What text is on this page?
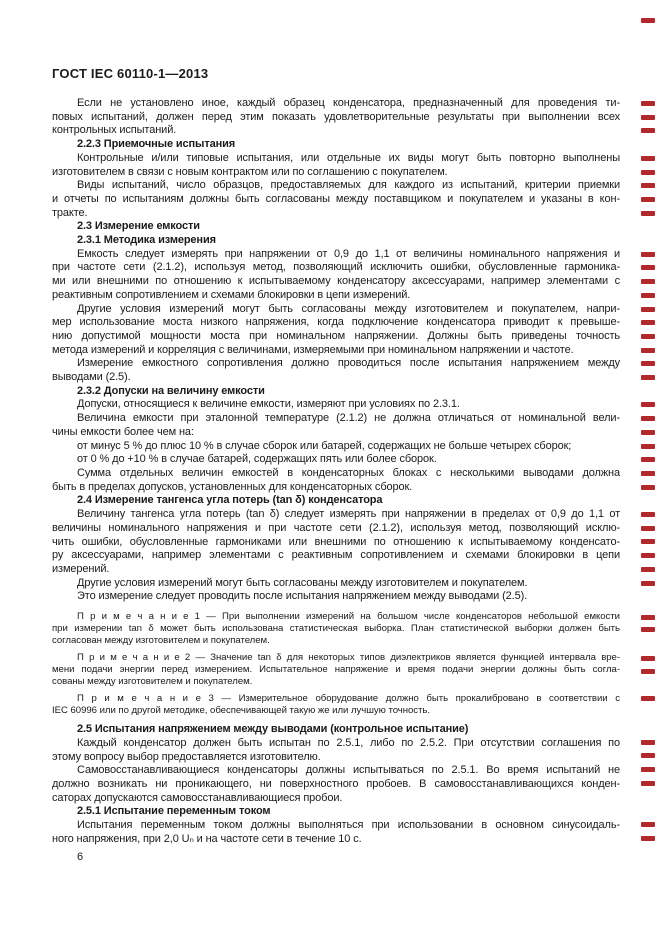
ГОСТ IEC 60110-1—2013
Если не установлено иное, каждый образец конденсатора, предназначенный для проведения ти-
повых испытаний, должен перед этим показать удовлетворительные результаты при выполнении всех
контрольных испытаний.
2.2.3 Приемочные испытания
Контрольные и/или типовые испытания, или отдельные их виды могут быть повторно выполнены
изготовителем в связи с новым контрактом или по соглашению с покупателем.
Виды испытаний, число образцов, предоставляемых для каждого из испытаний, критерии приемки
и отчеты по испытаниям должны быть согласованы между поставщиком и покупателем и указаны в кон-
тракте.
2.3 Измерение емкости
2.3.1 Методика измерения
Емкость следует измерять при напряжении от 0,9 до 1,1 от величины номинального напряжения и
при частоте сети (2.1.2), используя метод, позволяющий исключить ошибки, обусловленные гармоника-
ми или внешними по отношению к испытываемому конденсатору аксессуарами, например элементами с
реактивным сопротивлением и схемами блокировки в цепи измерений.
Другие условия измерений могут быть согласованы между изготовителем и покупателем, напри-
мер использование моста низкого напряжения, когда подключение конденсатора приводит к превыше-
нию допустимой мощности моста при номинальном напряжении. Должны быть приведены точность
метода измерений и корреляция с величинами, измеряемыми при номинальном напряжении и частоте.
Измерение емкостного сопротивления должно проводиться после испытания напряжением между
выводами (2.5).
2.3.2 Допуски на величину емкости
Допуски, относящиеся к величине емкости, измеряют при условиях по 2.3.1.
Величина емкости при эталонной температуре (2.1.2) не должна отличаться от номинальной вели-
чины емкости более чем на:
от минус 5 % до плюс 10 % в случае сборок или батарей, содержащих не больше четырех сборок;
от 0 % до +10 % в случае батарей, содержащих пять или более сборок.
Сумма отдельных величин емкостей в конденсаторных блоках с несколькими выводами должна
быть в пределах допусков, установленных для конденсаторных сборок.
2.4 Измерение тангенса угла потерь (tan δ) конденсатора
Величину тангенса угла потерь (tan δ) следует измерять при напряжении в пределах от 0,9 до 1,1 от
величины номинального напряжения и при частоте сети (2.1.2), используя метод, позволяющий исклю-
чить ошибки, обусловленные гармониками или внешними по отношению к испытываемому конденсато-
ру аксессуарами, например элементами с реактивным сопротивлением и схемами блокировки в цепи
измерений.
Другие условия измерений могут быть согласованы между изготовителем и покупателем.
Это измерение следует проводить после испытания напряжением между выводами (2.5).
П р и м е ч а н и е 1 — При выполнении измерений на большом числе конденсаторов небольшой емкости
при измерении tan δ может быть использована статистическая выборка. План статистической выборки должен быть
согласован между изготовителем и покупателем.
П р и м е ч а н и е 2 — Значение tan δ для некоторых типов диэлектриков является функцией интервала вре-
мени подачи энергии перед измерением. Испытательное напряжение и время подачи энергии должны быть согла-
сованы между изготовителем и покупателем.
П р и м е ч а н и е 3 — Измерительное оборудование должно быть прокалибровано в соответствии с
IEC 60996 или по другой методике, обеспечивающей такую же или лучшую точность.
2.5 Испытания напряжением между выводами (контрольное испытание)
Каждый конденсатор должен быть испытан по 2.5.1, либо по 2.5.2. При отсутствии соглашения по
этому вопросу выбор предоставляется изготовителю.
Самовосстанавливающиеся конденсаторы должны испытываться по 2.5.1. Во время испытаний не
должно возникать ни проникающего, ни поверхностного пробоев. В самовосстанавливающихся конден-
саторах допускаются самовосстанавливающиеся пробои.
2.5.1 Испытание переменным током
Испытания переменным током должны выполняться при использовании в основном синусоидаль-
ного напряжения, при 2,0 Uₙ и на частоте сети в течение 10 с.
6
